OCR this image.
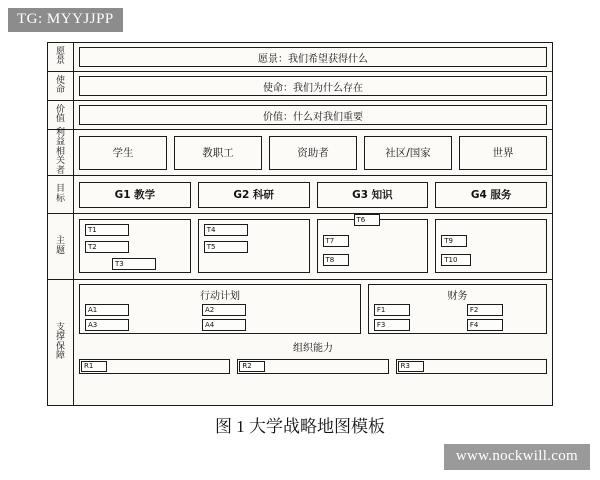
TG: MYYJJPP
愿景	愿景：我们希望获得什么
使命	使命：我们为什么存在
价值	价值：什么对我们重要
利益相关者
学生	教职工	资助者	社区/国家	世界
目标	G1 教学	G2 科研	G3 知识	G4 服务
主题
T1
T2
T3
T4
T5
T6
T7
T8
T9
T10
支撑保障
行动计划
A1	A2
A3	A4
财务
F1	F2
F3	F4
组织能力
R1	R2	R3
图 1 大学战略地图模板
www.nockwill.com
